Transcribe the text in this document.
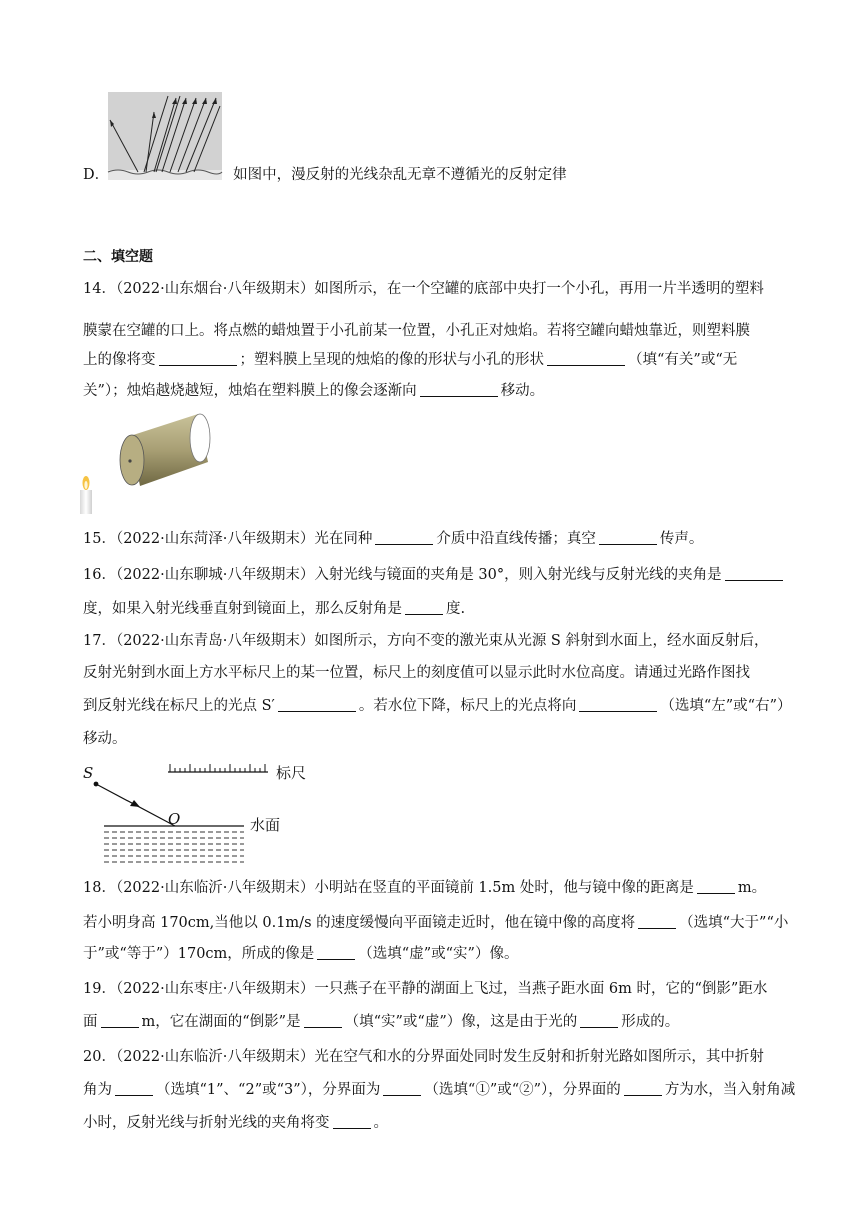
D．	如图中，漫反射的光线杂乱无章不遵循光的反射定律
二、填空题
14．（2022·山东烟台·八年级期末）如图所示，在一个空罐的底部中央打一个小孔，再用一片半透明的塑料
膜蒙在空罐的口上。将点燃的蜡烛置于小孔前某一位置，小孔正对烛焰。若将空罐向蜡烛靠近，则塑料膜
上的像将变	；塑料膜上呈现的烛焰的像的形状与小孔的形状	（填“有关”或“无
关”）；烛焰越烧越短，烛焰在塑料膜上的像会逐渐向	移动。
15．（2022·山东菏泽·八年级期末）光在同种	介质中沿直线传播；真空	传声。
16．（2022·山东聊城·八年级期末）入射光线与镜面的夹角是 30°，则入射光线与反射光线的夹角是
度，如果入射光线垂直射到镜面上，那么反射角是	度.
17．（2022·山东青岛·八年级期末）如图所示，方向不变的激光束从光源 S 斜射到水面上，经水面反射后，
反射光射到水面上方水平标尺上的某一位置，标尺上的刻度值可以显示此时水位高度。请通过光路作图找
到反射光线在标尺上的光点 S′	。若水位下降，标尺上的光点将向	（选填“左”或“右”）
移动。
S	标尺
O	水面
18．（2022·山东临沂·八年级期末）小明站在竖直的平面镜前 1.5m 处时，他与镜中像的距离是	m。
若小明身高 170cm,当他以 0.1m/s 的速度缓慢向平面镜走近时，他在镜中像的高度将	（选填“大于”“小
于”或“等于”）170cm，所成的像是	（选填“虚”或“实”）像。
19．（2022·山东枣庄·八年级期末）一只燕子在平静的湖面上飞过，当燕子距水面 6m 时，它的“倒影”距水
面	m，它在湖面的“倒影”是	（填“实”或“虚”）像，这是由于光的	形成的。
20．（2022·山东临沂·八年级期末）光在空气和水的分界面处同时发生反射和折射光路如图所示，其中折射
角为	（选填“1”、“2”或“3”），分界面为	（选填“①”或“②”），分界面的	方为水，当入射角减
小时，反射光线与折射光线的夹角将变	。
